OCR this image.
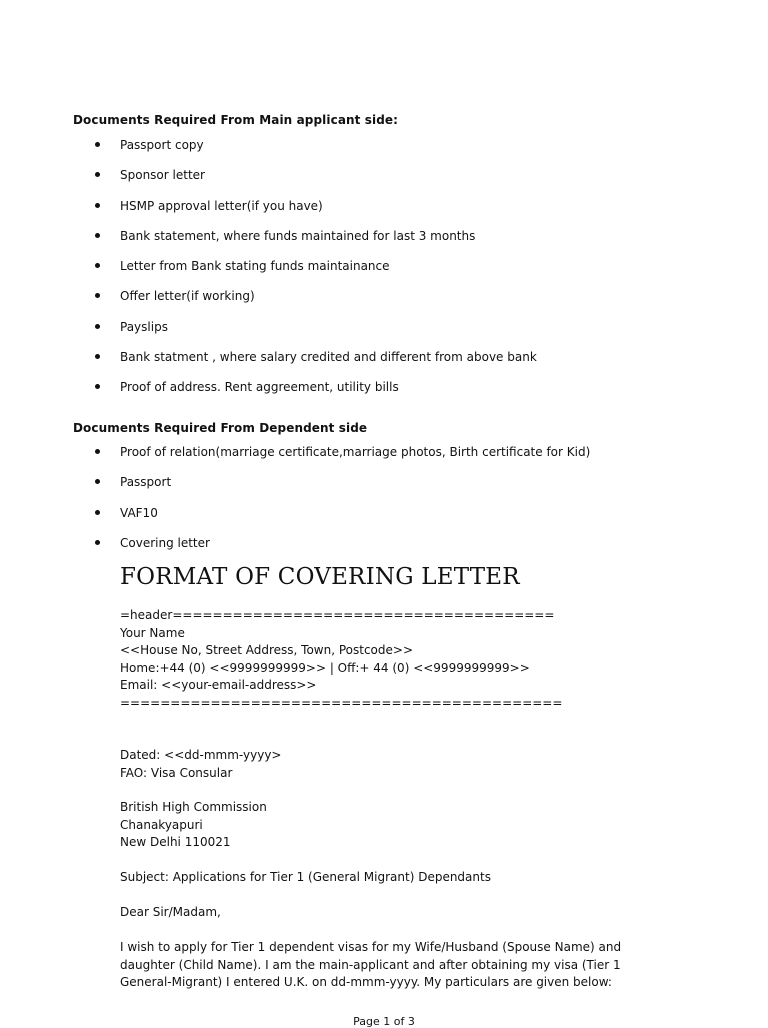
Documents Required From Main applicant side:
Passport copy
Sponsor letter
HSMP approval letter(if you have)
Bank statement, where funds maintained for last 3 months
Letter from Bank stating funds maintainance
Offer letter(if working)
Payslips
Bank statment , where salary credited and different from above bank
Proof of address. Rent aggreement, utility bills
Documents Required From Dependent side
Proof of relation(marriage certificate,marriage photos, Birth certificate for Kid)
Passport
VAF10
Covering letter
FORMAT OF COVERING LETTER
=header======================================
Your Name
<<House No, Street Address, Town, Postcode>>
Home:+44 (0) <<9999999999>> | Off:+ 44 (0) <<9999999999>>
Email: <<your-email-address>>
============================================
Dated: <<dd-mmm-yyyy>
FAO: Visa Consular
British High Commission
Chanakyapuri
New Delhi 110021
Subject: Applications for Tier 1 (General Migrant) Dependants
Dear Sir/Madam,
I wish to apply for Tier 1 dependent visas for my Wife/Husband (Spouse Name) and daughter (Child Name). I am the main-applicant and after obtaining my visa (Tier 1 General-Migrant) I entered U.K. on dd-mmm-yyyy. My particulars are given below:
Page 1 of 3
